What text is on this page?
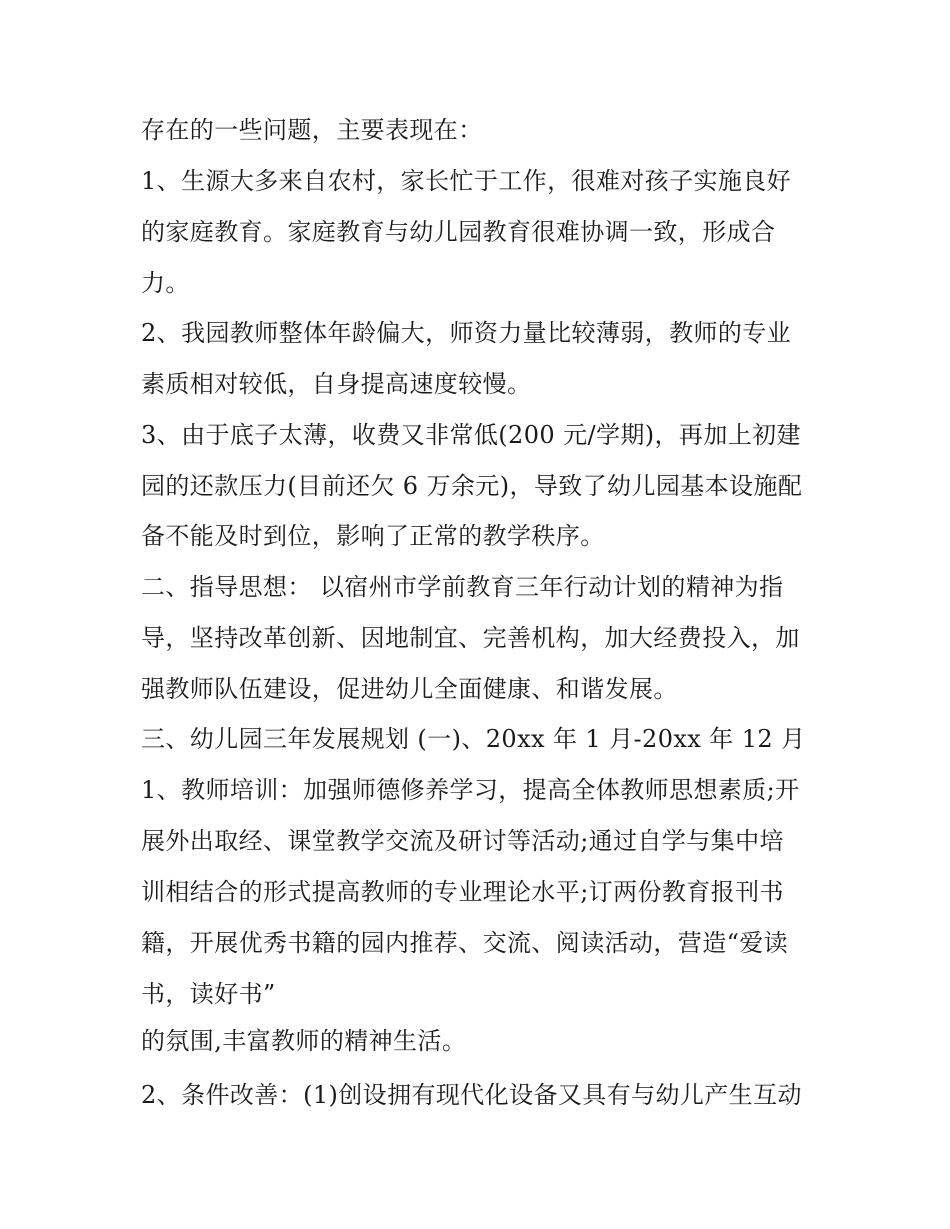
存在的一些问题，主要表现在：

1、生源大多来自农村，家长忙于工作，很难对孩子实施良好

的家庭教育。家庭教育与幼儿园教育很难协调一致，形成合

力。

2、我园教师整体年龄偏大，师资力量比较薄弱，教师的专业

素质相对较低，自身提高速度较慢。

3、由于底子太薄，收费又非常低(200 元/学期)，再加上初建

园的还款压力(目前还欠 6 万余元)，导致了幼儿园基本设施配

备不能及时到位，影响了正常的教学秩序。

二、指导思想： 以宿州市学前教育三年行动计划的精神为指

导，坚持改革创新、因地制宜、完善机构，加大经费投入，加

强教师队伍建设，促进幼儿全面健康、和谐发展。

三、幼儿园三年发展规划 (一)、20xx 年 1 月-20xx 年 12 月

1、教师培训：加强师德修养学习，提高全体教师思想素质;开

展外出取经、课堂教学交流及研讨等活动;通过自学与集中培

训相结合的形式提高教师的专业理论水平;订两份教育报刊书

籍，开展优秀书籍的园内推荐、交流、阅读活动，营造“爱读

书，读好书”

的氛围,丰富教师的精神生活。

2、条件改善：(1)创设拥有现代化设备又具有与幼儿产生互动
